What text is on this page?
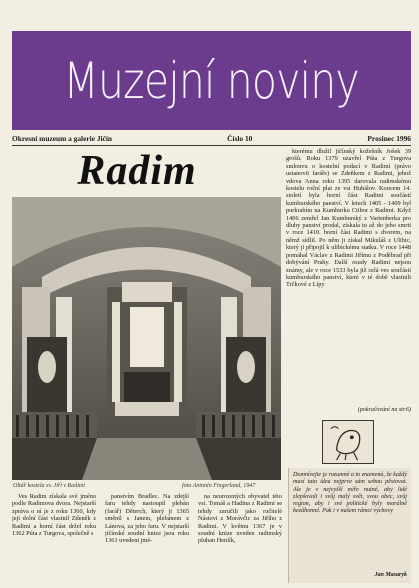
Muzejní noviny
Okresní muzeum a galerie Jičín	Číslo 10	Prosinec 1996
Radim
Oltář kostela sv. Jiří v Radimi	foto Antonín Fingerland, 1947

kterému dlužil jičínský kožešník Jošek 39 grošů. Roku 1379 uzavřel Púta z Turgova smlouvu o kostelní podací v Radimi (právo ustanovit faráře) se Zdeňkem z Radimi, jehož vdova Anna roku 1395 darovala radimskému kostelu roční plat ze vsi Hubálov. Koncem 14. století byla horní část Radimi součástí kumburského panství. V letech 1405 - 1409 byl purkrabím na Kumburku Ctibor z Radimi. Když 1406 zemřel Jan Kumburský z Vartenberka pro dluhy panství prodal, získala tu až do jeho smrti v roce 1410. horní část Radimi s dvorem, na němž sídlil. Po něm ji získal Mikuláš z Ulibic, který ji připojil k ulibickému statku. V roce 1448 pomáhal Václav z Radimi Jiřímu z Poděbrad při dobývání Prahy. Další osudy Radimi nejsou známy, ale v roce 1533 byla již celá ves součástí kumburského panství, které v té době vlastnili Trčkové z Lípy

(pokračování na str.6)

Ves Radim získala své jméno podle Radimova dvora. Nejstarší zpráva o ní je z roku 1360, kdy její dolní část vlastnil Zdeněk z Radimi a horní část držel roku 1362 Púta z Turgova, společně s

panstvím Bradlec. Na zdejší faru tehdy nastoupil plebán (farář) Děterch, který ji 1365 směnil s Janem, plebánem z Lánova, za jeho faru. V nejstarší jičínské soudní knize jsou roku 1361 uvedeni jmé-

na neurozených obyvatel této vsi. Tomáš a Hadina z Radimi se tehdy zaručili jako ručitelé Nástovi z Morávčic za Jiřího z Radimi. V květnu 1367 je v soudní knize uveden radimský pluhan Henlík,

Domnívejte je rozumné a to znamená, že každý musí tuto ideu nejprve sám sebou pěstovat. Ale je v nejvyšší míře nutné, aby lidé zlepšovali i svůj malý svět, svou obec, svůj region, aby i své politické byly morálně bezůhonné. Pak i v našem rámci výchovy
Jan Masaryk
